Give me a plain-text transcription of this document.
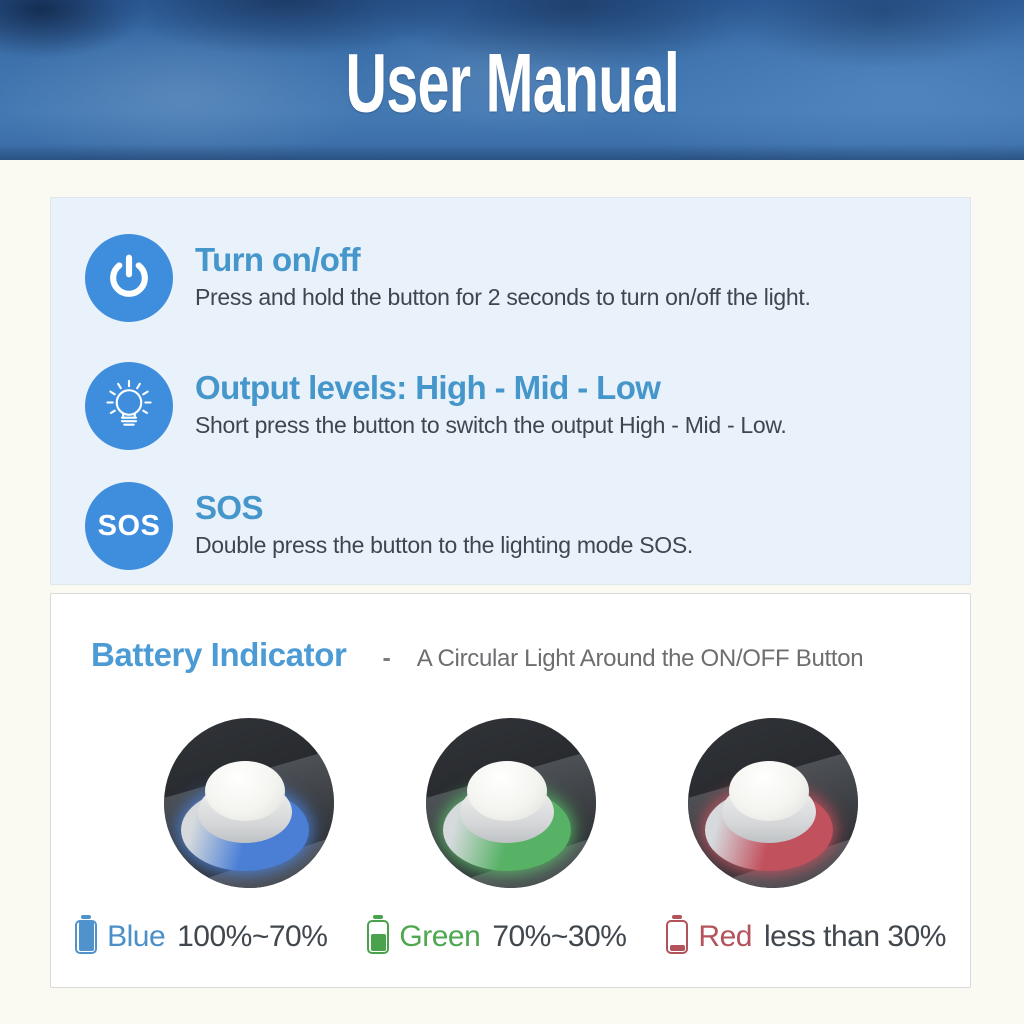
User Manual
Turn on/off
Press and hold the button for 2 seconds to turn on/off the light.
Output levels: High - Mid - Low
Short press the button to switch the output High - Mid - Low.
SOS SOS
Double press the button to the lighting mode SOS.
Battery Indicator - A Circular Light Around the ON/OFF Button
Blue 100%~70% Green 70%~30% Red less than 30%
